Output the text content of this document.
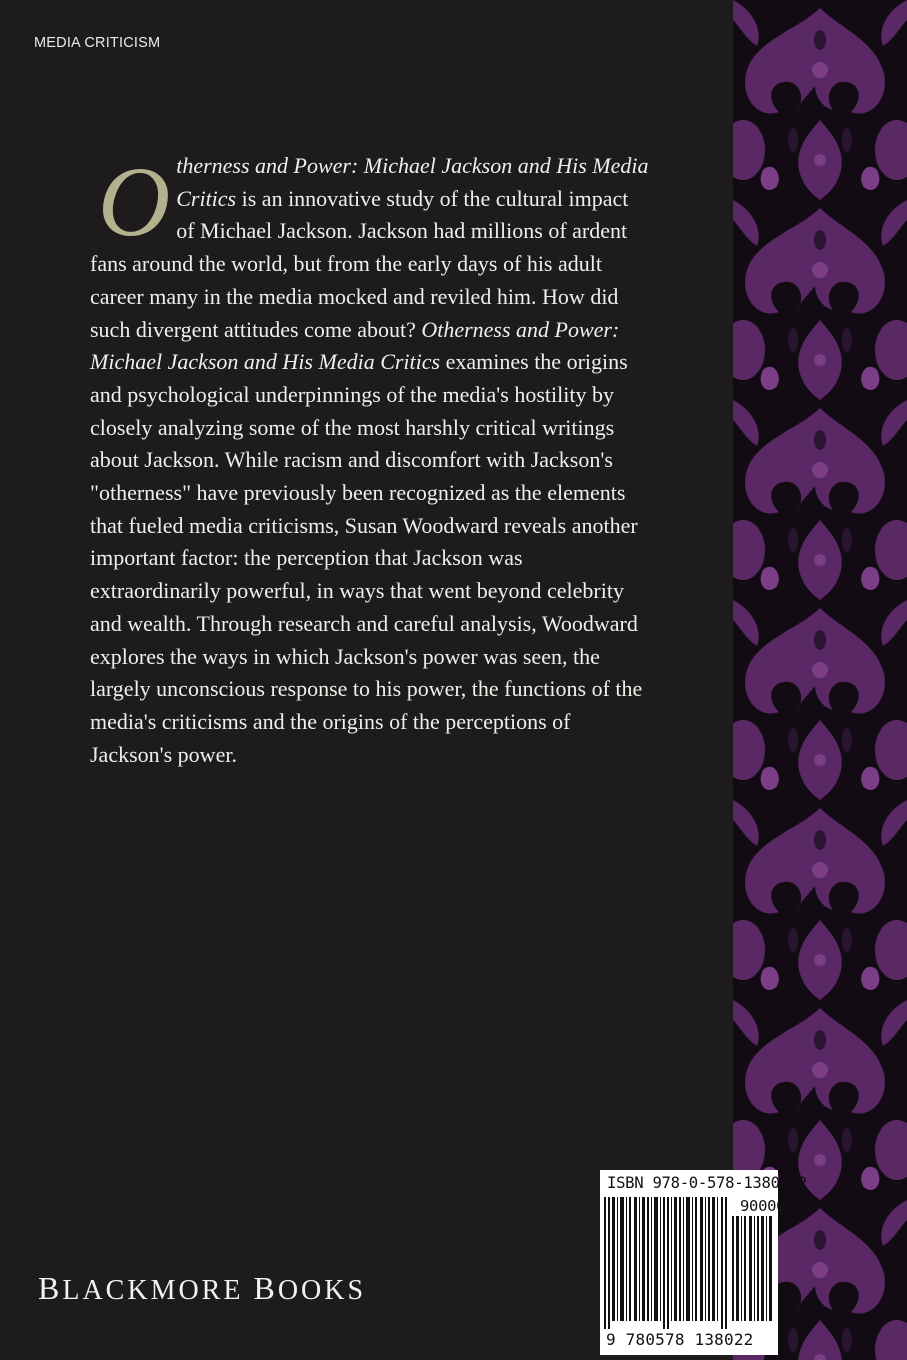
MEDIA CRITICISM

Otherness and Power: Michael Jackson and His Media Critics is an innovative study of the cultural impact of Michael Jackson. Jackson had millions of ardent fans around the world, but from the early days of his adult career many in the media mocked and reviled him. How did such divergent attitudes come about? Otherness and Power: Michael Jackson and His Media Critics examines the origins and psychological underpinnings of the media's hostility by closely analyzing some of the most harshly critical writings about Jackson. While racism and discomfort with Jackson's "otherness" have previously been recognized as the elements that fueled media criticisms, Susan Woodward reveals another important factor: the perception that Jackson was extraordinarily powerful, in ways that went beyond celebrity and wealth. Through research and careful analysis, Woodward explores the ways in which Jackson's power was seen, the largely unconscious response to his power, the functions of the media's criticisms and the origins of the perceptions of Jackson's power.

BLACKMORE BOOKS
ISBN 978-0-578-13802-2
90000
9 780578 138022
